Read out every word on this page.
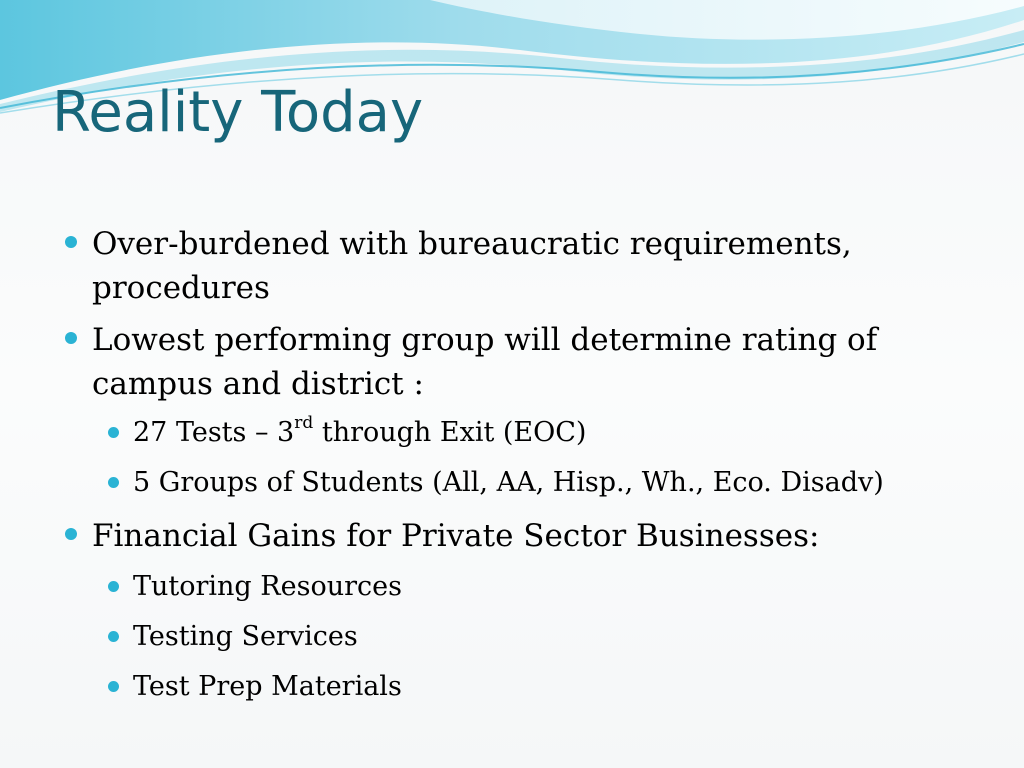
Reality Today
Over-burdened with bureaucratic requirements, procedures
Lowest performing group will determine rating of campus and district :
27 Tests – 3rd through Exit (EOC)
5 Groups of Students (All, AA, Hisp., Wh., Eco. Disadv)
Financial Gains for Private Sector Businesses:
Tutoring Resources
Testing Services
Test Prep Materials
